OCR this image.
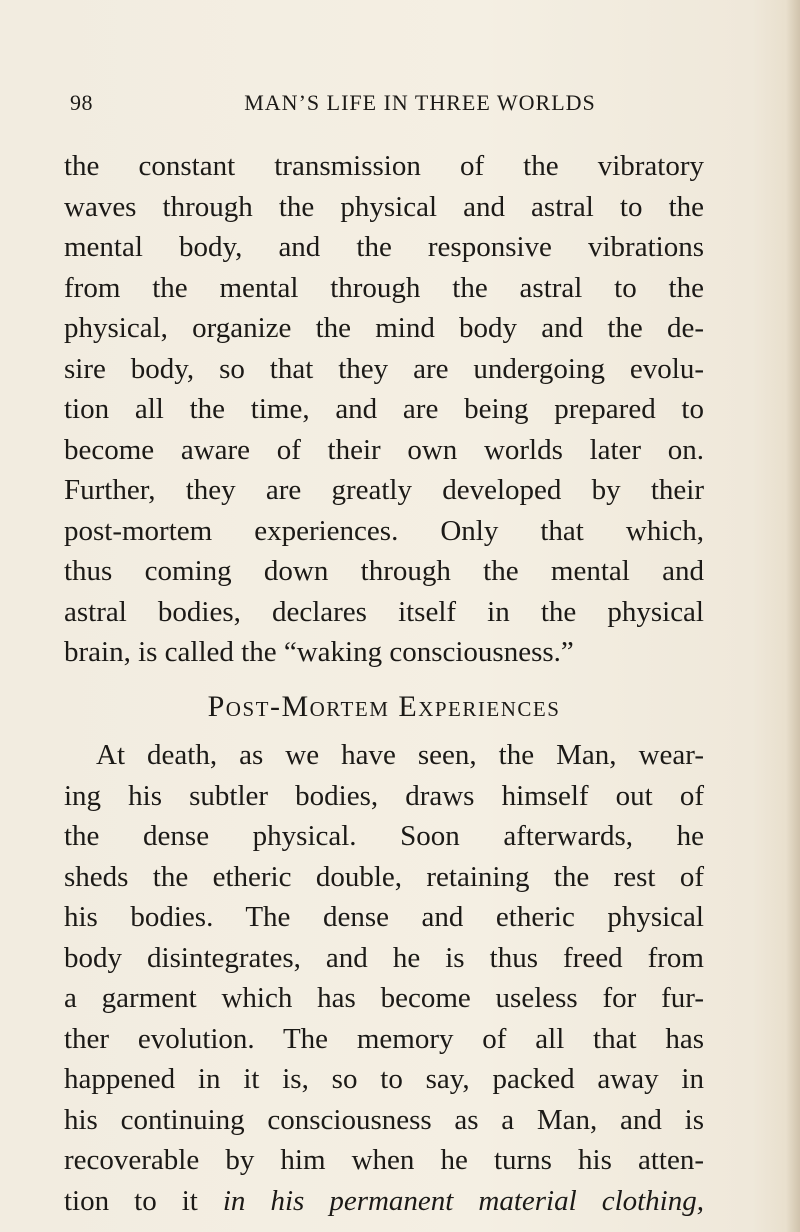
98	MAN’S LIFE IN THREE WORLDS
the constant transmission of the vibratory
waves through the physical and astral to the
mental body, and the responsive vibrations
from the mental through the astral to the
physical, organize the mind body and the de-
sire body, so that they are undergoing evolu-
tion all the time, and are being prepared to
become aware of their own worlds later on.
Further, they are greatly developed by their
post-mortem experiences. Only that which,
thus coming down through the mental and
astral bodies, declares itself in the physical
brain, is called the “waking consciousness.”
Post-Mortem Experiences
At death, as we have seen, the Man, wear-
ing his subtler bodies, draws himself out of
the dense physical. Soon afterwards, he
sheds the etheric double, retaining the rest of
his bodies. The dense and etheric physical
body disintegrates, and he is thus freed from
a garment which has become useless for fur-
ther evolution. The memory of all that has
happened in it is, so to say, packed away in
his continuing consciousness as a Man, and is
recoverable by him when he turns his atten-
tion to it in his permanent material clothing,
